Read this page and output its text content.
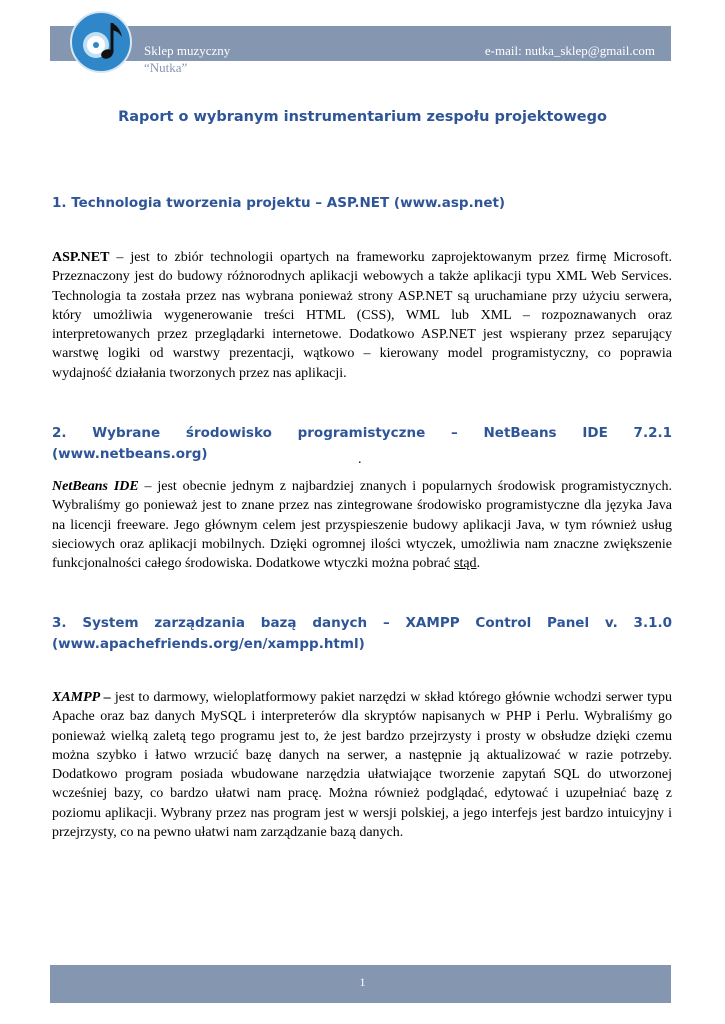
Sklep muzyczny
“Nutka”
e-mail: nutka_sklep@gmail.com
Raport o wybranym instrumentarium zespołu projektowego
1. Technologia tworzenia projektu – ASP.NET (www.asp.net)

ASP.NET – jest to zbiór technologii opartych na frameworku zaprojektowanym przez firmę Microsoft. Przeznaczony jest do budowy różnorodnych aplikacji webowych a także aplikacji typu XML Web Services. Technologia ta została przez nas wybrana ponieważ strony ASP.NET są uruchamiane przy użyciu serwera, który umożliwia wygenerowanie treści HTML (CSS), WML lub XML – rozpoznawanych oraz interpretowanych przez przeglądarki internetowe. Dodatkowo ASP.NET jest wspierany przez separujący warstwę logiki od warstwy prezentacji, wątkowo – kierowany model programistyczny, co poprawia wydajność działania tworzonych przez nas aplikacji.

2. Wybrane środowisko programistyczne – NetBeans IDE 7.2.1 (www.netbeans.org)	.

NetBeans IDE – jest obecnie jednym z najbardziej znanych i popularnych środowisk programistycznych. Wybraliśmy go ponieważ jest to znane przez nas zintegrowane środowisko programistyczne dla języka Java na licencji freeware. Jego głównym celem jest przyspieszenie budowy aplikacji Java, w tym również usług sieciowych oraz aplikacji mobilnych. Dzięki ogromnej ilości wtyczek, umożliwia nam znaczne zwiększenie funkcjonalności całego środowiska. Dodatkowe wtyczki można pobrać stąd.

3. System zarządzania bazą danych – XAMPP Control Panel v. 3.1.0 (www.apachefriends.org/en/xampp.html)

XAMPP – jest to darmowy, wieloplatformowy pakiet narzędzi w skład którego głównie wchodzi serwer typu Apache oraz baz danych MySQL i interpreterów dla skryptów napisanych w PHP i Perlu. Wybraliśmy go ponieważ wielką zaletą tego programu jest to, że jest bardzo przejrzysty i prosty w obsłudze dzięki czemu można szybko i łatwo wrzucić bazę danych na serwer, a następnie ją aktualizować w razie potrzeby. Dodatkowo program posiada wbudowane narzędzia ułatwiające tworzenie zapytań SQL do utworzonej wcześniej bazy, co bardzo ułatwi nam pracę. Można również podglądać, edytować i uzupełniać bazę z poziomu aplikacji. Wybrany przez nas program jest w wersji polskiej, a jego interfejs jest bardzo intuicyjny i przejrzysty, co na pewno ułatwi nam zarządzanie bazą danych.

1
